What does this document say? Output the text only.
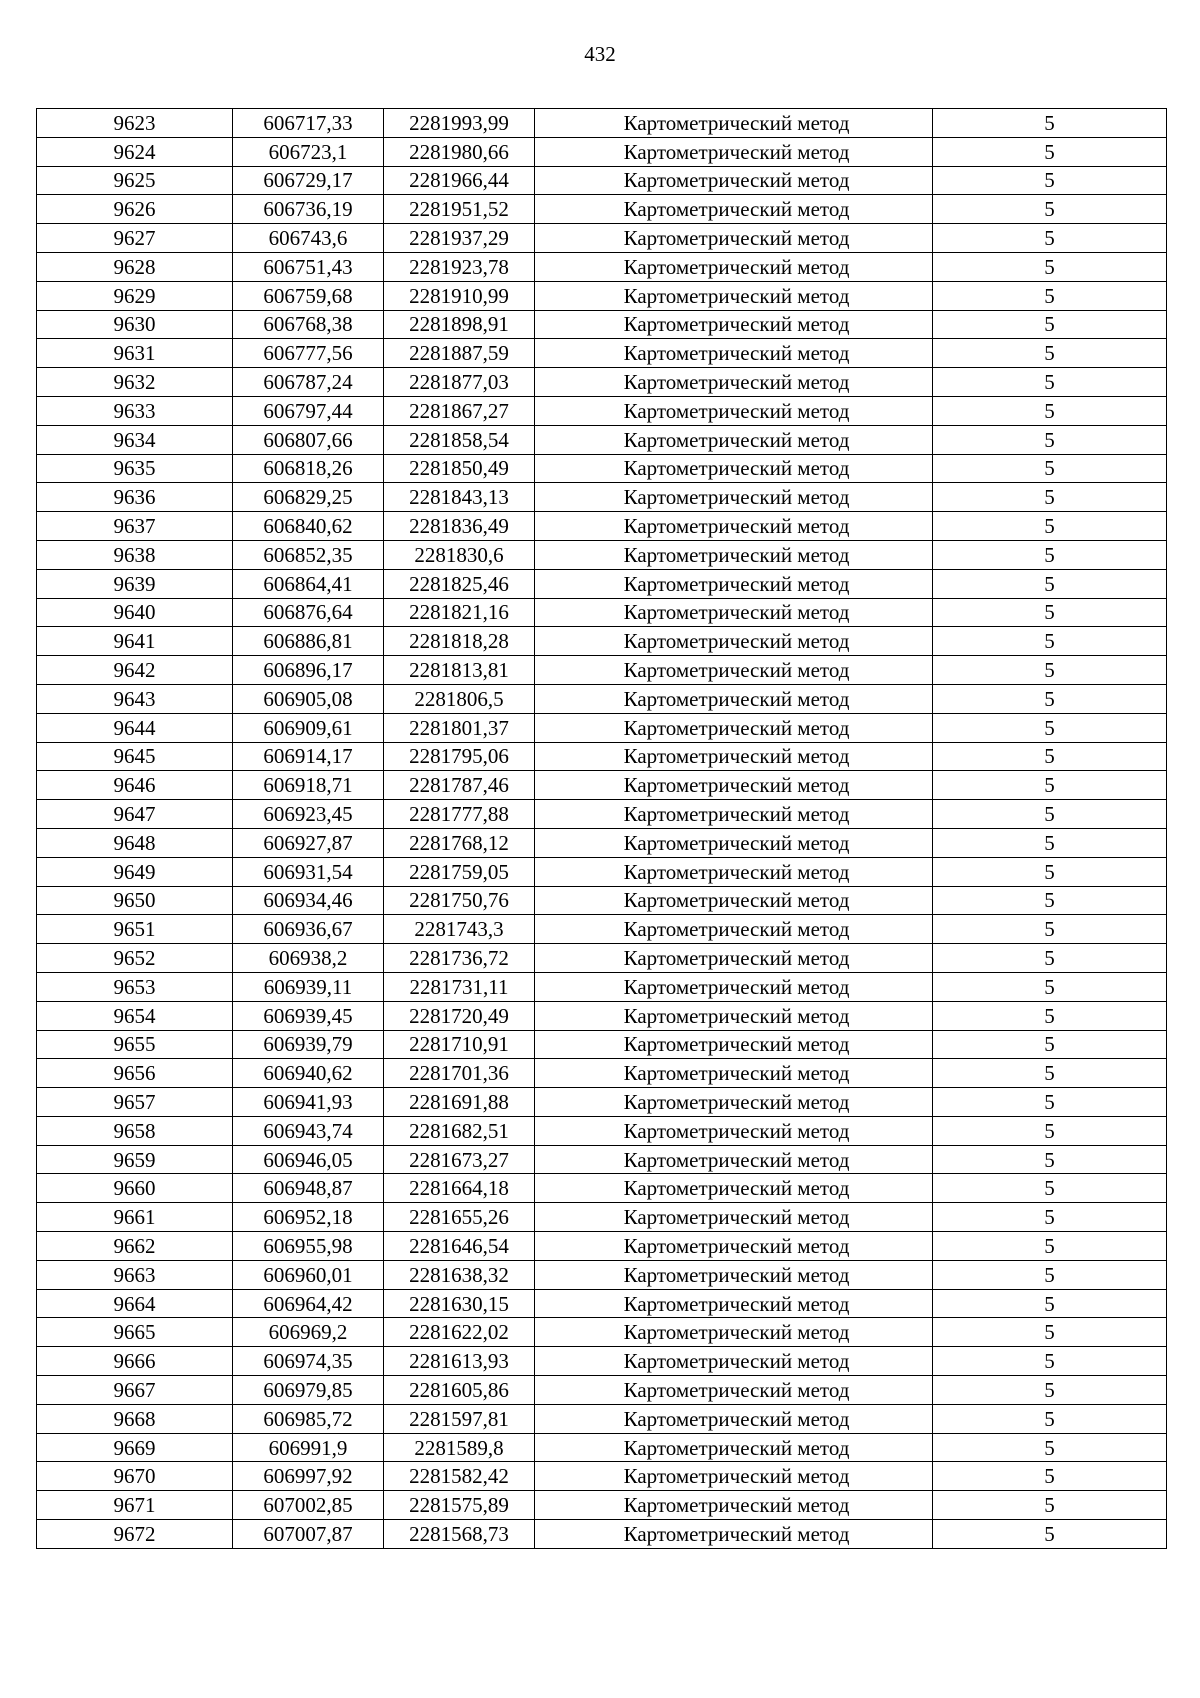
432
9623	606717,33	2281993,99	Картометрический метод	5
9624	606723,1	2281980,66	Картометрический метод	5
9625	606729,17	2281966,44	Картометрический метод	5
9626	606736,19	2281951,52	Картометрический метод	5
9627	606743,6	2281937,29	Картометрический метод	5
9628	606751,43	2281923,78	Картометрический метод	5
9629	606759,68	2281910,99	Картометрический метод	5
9630	606768,38	2281898,91	Картометрический метод	5
9631	606777,56	2281887,59	Картометрический метод	5
9632	606787,24	2281877,03	Картометрический метод	5
9633	606797,44	2281867,27	Картометрический метод	5
9634	606807,66	2281858,54	Картометрический метод	5
9635	606818,26	2281850,49	Картометрический метод	5
9636	606829,25	2281843,13	Картометрический метод	5
9637	606840,62	2281836,49	Картометрический метод	5
9638	606852,35	2281830,6	Картометрический метод	5
9639	606864,41	2281825,46	Картометрический метод	5
9640	606876,64	2281821,16	Картометрический метод	5
9641	606886,81	2281818,28	Картометрический метод	5
9642	606896,17	2281813,81	Картометрический метод	5
9643	606905,08	2281806,5	Картометрический метод	5
9644	606909,61	2281801,37	Картометрический метод	5
9645	606914,17	2281795,06	Картометрический метод	5
9646	606918,71	2281787,46	Картометрический метод	5
9647	606923,45	2281777,88	Картометрический метод	5
9648	606927,87	2281768,12	Картометрический метод	5
9649	606931,54	2281759,05	Картометрический метод	5
9650	606934,46	2281750,76	Картометрический метод	5
9651	606936,67	2281743,3	Картометрический метод	5
9652	606938,2	2281736,72	Картометрический метод	5
9653	606939,11	2281731,11	Картометрический метод	5
9654	606939,45	2281720,49	Картометрический метод	5
9655	606939,79	2281710,91	Картометрический метод	5
9656	606940,62	2281701,36	Картометрический метод	5
9657	606941,93	2281691,88	Картометрический метод	5
9658	606943,74	2281682,51	Картометрический метод	5
9659	606946,05	2281673,27	Картометрический метод	5
9660	606948,87	2281664,18	Картометрический метод	5
9661	606952,18	2281655,26	Картометрический метод	5
9662	606955,98	2281646,54	Картометрический метод	5
9663	606960,01	2281638,32	Картометрический метод	5
9664	606964,42	2281630,15	Картометрический метод	5
9665	606969,2	2281622,02	Картометрический метод	5
9666	606974,35	2281613,93	Картометрический метод	5
9667	606979,85	2281605,86	Картометрический метод	5
9668	606985,72	2281597,81	Картометрический метод	5
9669	606991,9	2281589,8	Картометрический метод	5
9670	606997,92	2281582,42	Картометрический метод	5
9671	607002,85	2281575,89	Картометрический метод	5
9672	607007,87	2281568,73	Картометрический метод	5
